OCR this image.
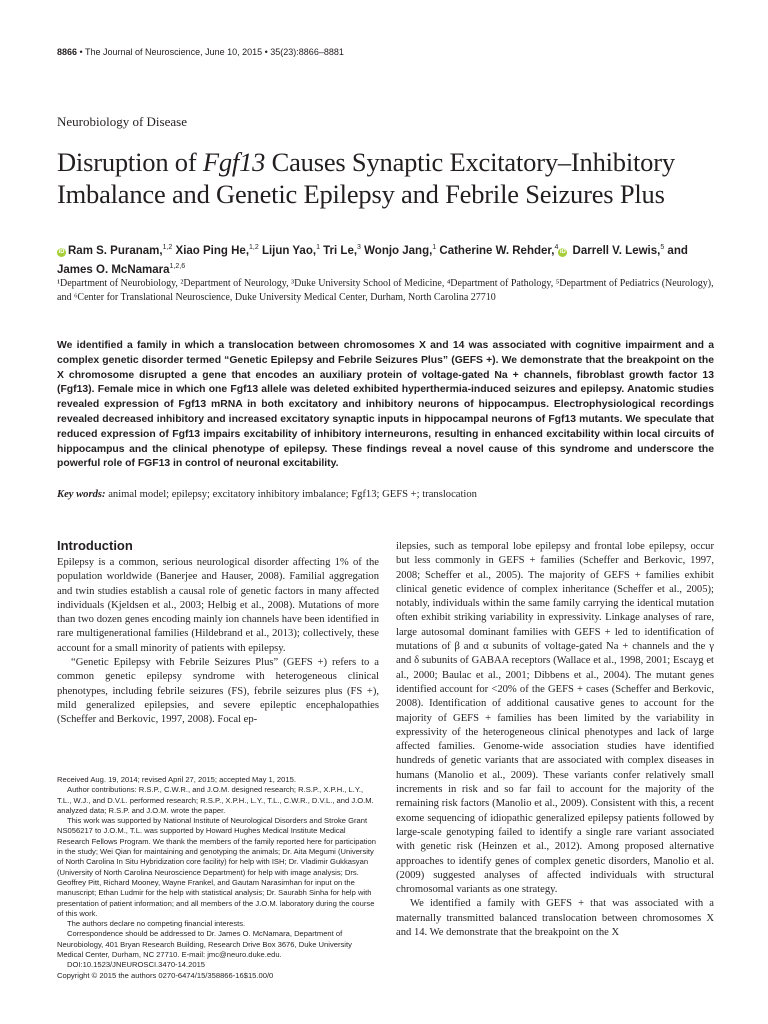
8866 • The Journal of Neuroscience, June 10, 2015 • 35(23):8866–8881
Neurobiology of Disease
Disruption of Fgf13 Causes Synaptic Excitatory–Inhibitory Imbalance and Genetic Epilepsy and Febrile Seizures Plus
iD Ram S. Puranam,$^{1,2}$ Xiao Ping He,$^{1,2}$ Lijun Yao,$^1$ Tri Le,$^3$ Wonjo Jang,$^1$ Catherine W. Rehder,$^4$iD Darrell V. Lewis,$^5$ and James O. McNamara$^{1,2,6}$
¹Department of Neurobiology, ²Department of Neurology, ³Duke University School of Medicine, ⁴Department of Pathology, ⁵Department of Pediatrics (Neurology), and ⁶Center for Translational Neuroscience, Duke University Medical Center, Durham, North Carolina 27710
We identified a family in which a translocation between chromosomes X and 14 was associated with cognitive impairment and a complex genetic disorder termed “Genetic Epilepsy and Febrile Seizures Plus” (GEFS +). We demonstrate that the breakpoint on the X chromosome disrupted a gene that encodes an auxiliary protein of voltage-gated Na + channels, fibroblast growth factor 13 (Fgf13). Female mice in which one Fgf13 allele was deleted exhibited hyperthermia-induced seizures and epilepsy. Anatomic studies revealed expression of Fgf13 mRNA in both excitatory and inhibitory neurons of hippocampus. Electrophysiological recordings revealed decreased inhibitory and increased excitatory synaptic inputs in hippocampal neurons of Fgf13 mutants. We speculate that reduced expression of Fgf13 impairs excitability of inhibitory interneurons, resulting in enhanced excitability within local circuits of hippocampus and the clinical phenotype of epilepsy. These findings reveal a novel cause of this syndrome and underscore the powerful role of FGF13 in control of neuronal excitability.
Key words: animal model; epilepsy; excitatory inhibitory imbalance; Fgf13; GEFS +; translocation
Introduction

Epilepsy is a common, serious neurological disorder affecting 1% of the population worldwide (Banerjee and Hauser, 2008). Familial aggregation and twin studies establish a causal role of genetic factors in many affected individuals (Kjeldsen et al., 2003; Helbig et al., 2008). Mutations of more than two dozen genes encoding mainly ion channels have been identified in rare multigenerational families (Hildebrand et al., 2013); collectively, these account for a small minority of patients with epilepsy.

“Genetic Epilepsy with Febrile Seizures Plus” (GEFS +) refers to a common genetic epilepsy syndrome with heterogeneous clinical phenotypes, including febrile seizures (FS), febrile seizures plus (FS +), mild generalized epilepsies, and severe epileptic encephalopathies (Scheffer and Berkovic, 1997, 2008). Focal ep-

Received Aug. 19, 2014; revised April 27, 2015; accepted May 1, 2015.

Author contributions: R.S.P., C.W.R., and J.O.M. designed research; R.S.P., X.P.H., L.Y., T.L., W.J., and D.V.L. performed research; R.S.P., X.P.H., L.Y., T.L., C.W.R., D.V.L., and J.O.M. analyzed data; R.S.P. and J.O.M. wrote the paper.

This work was supported by National Institute of Neurological Disorders and Stroke Grant NS056217 to J.O.M., T.L. was supported by Howard Hughes Medical Institute Medical Research Fellows Program. We thank the members of the family reported here for participation in the study; Wei Qian for maintaining and genotyping the animals; Dr. Aita Megumi (University of North Carolina In Situ Hybridization core facility) for help with ISH; Dr. Vladimir Gukkasyan (University of North Carolina Neuroscience Department) for help with image analysis; Drs. Geoffrey Pitt, Richard Mooney, Wayne Frankel, and Gautam Narasimhan for input on the manuscript; Ethan Ludmir for the help with statistical analysis; Dr. Saurabh Sinha for help with presentation of patient information; and all members of the J.O.M. laboratory during the course of this work.

The authors declare no competing financial interests.

Correspondence should be addressed to Dr. James O. McNamara, Department of Neurobiology, 401 Bryan Research Building, Research Drive Box 3676, Duke University Medical Center, Durham, NC 27710. E-mail: jmc@neuro.duke.edu.

DOI:10.1523/JNEUROSCI.3470-14.2015

Copyright © 2015 the authors 0270-6474/15/358866-16$15.00/0

ilepsies, such as temporal lobe epilepsy and frontal lobe epilepsy, occur but less commonly in GEFS + families (Scheffer and Berkovic, 1997, 2008; Scheffer et al., 2005). The majority of GEFS + families exhibit clinical genetic evidence of complex inheritance (Scheffer et al., 2005); notably, individuals within the same family carrying the identical mutation often exhibit striking variability in expressivity. Linkage analyses of rare, large autosomal dominant families with GEFS + led to identification of mutations of β and α subunits of voltage-gated Na + channels and the γ and δ subunits of GABAA receptors (Wallace et al., 1998, 2001; Escayg et al., 2000; Baulac et al., 2001; Dibbens et al., 2004). The mutant genes identified account for <20% of the GEFS + cases (Scheffer and Berkovic, 2008). Identification of additional causative genes to account for the majority of GEFS + families has been limited by the variability in expressivity of the heterogeneous clinical phenotypes and lack of large affected families. Genome-wide association studies have identified hundreds of genetic variants that are associated with complex diseases in humans (Manolio et al., 2009). These variants confer relatively small increments in risk and so far fail to account for the majority of the remaining risk factors (Manolio et al., 2009). Consistent with this, a recent exome sequencing of idiopathic generalized epilepsy patients followed by large-scale genotyping failed to identify a single rare variant associated with genetic risk (Heinzen et al., 2012). Among proposed alternative approaches to identify genes of complex genetic disorders, Manolio et al. (2009) suggested analyses of affected individuals with structural chromosomal variants as one strategy.

We identified a family with GEFS + that was associated with a maternally transmitted balanced translocation between chromosomes X and 14. We demonstrate that the breakpoint on the X
